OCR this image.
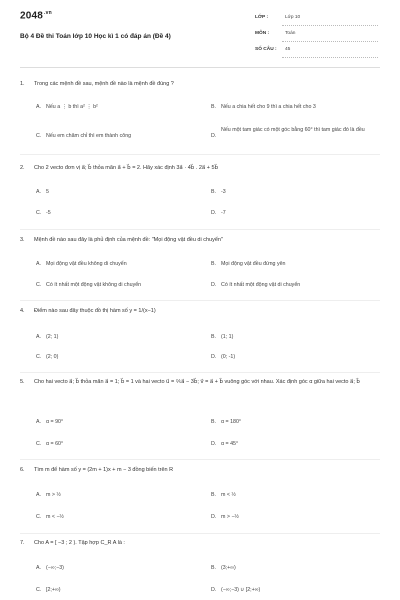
$2048^{.vn}$
Bộ 4 Đề thi Toán lớp 10 Học kì 1 có đáp án (Đề 4)
LỚP :	Lớp 10
MÔN :	Toán
SỐ CÂU : 45
1. Trong các mệnh đề sau, mệnh đề nào là mệnh đề đúng ?
A. Nếu a ⋮ b thì a² ⋮ b²	B. Nếu a chia hết cho 9 thì a chia hết cho 3
C. Nếu em chăm chỉ thì em thành công	D.
Nếu một tam giác có một góc bằng 60° thì tam giác đó là đều
2. Cho 2 vecto đơn vị a⃗; b⃗ thỏa mãn a⃗ + b⃗ = 2. Hãy xác định 3a⃗ · 4b⃗ . 2a⃗ + 5b⃗
A. 5	B. -3
C. -5	D. -7
3. Mệnh đề nào sau đây là phủ định của mệnh đề: "Mọi động vật đều di chuyển"
A. Mọi động vật đều không di chuyển	B. Mọi động vật đều đứng yên
C. Có ít nhất một động vật không di chuyển	D. Có ít nhất một động vật di chuyển
4. Điểm nào sau đây thuộc đồ thị hàm số y = 1/(x−1)
A. (2; 1)	B. (1; 1)
C. (2; 0)	D. (0; -1)
5. Cho hai vecto a⃗; b⃗ thỏa mãn a⃗ = 1; b⃗ = 1 và hai vecto u⃗ = ⅖a⃗ − 3b⃗; v⃗ = a⃗ + b⃗ vuông góc với nhau. Xác định góc α giữa hai vecto a⃗; b⃗
A. α = 90°	B. α = 180°
C. α = 60°	D. α = 45°
6. Tìm m để hàm số y = (2m + 1)x + m − 3 đồng biến trên R
A. m > ½	B. m < ½
C. m < −½	D. m > −½
7. Cho A = [ −3 ; 2 ). Tập hợp C_R A là :
A. (−∞;−3)	B. (3;+∞)
C. [2;+∞)	D. (−∞;−3) ∪ [2;+∞)
